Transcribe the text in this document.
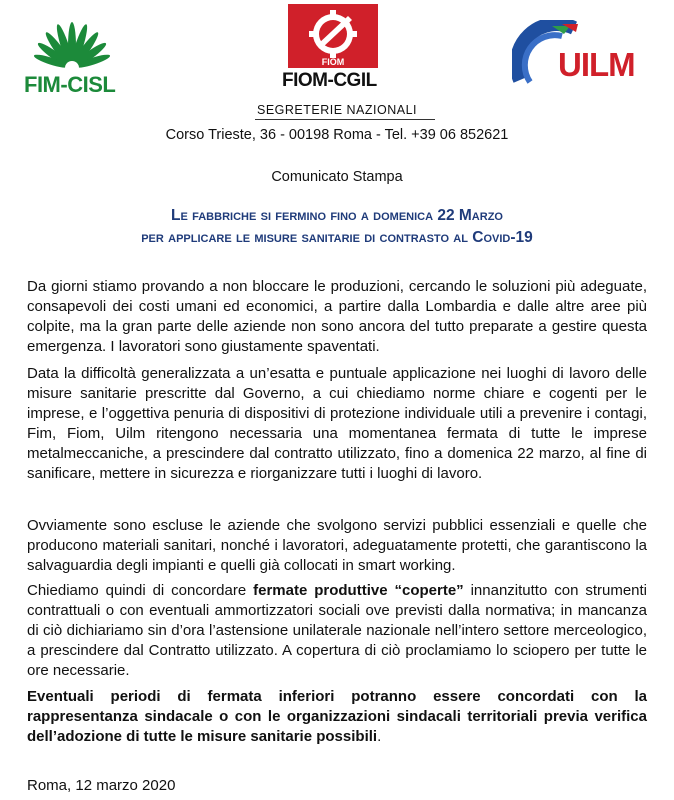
FIM-CISL
FIOM
FIOM-CGIL	UILM
SEGRETERIE NAZIONALI
Corso Trieste, 36 - 00198 Roma - Tel. +39 06 852621
Comunicato Stampa
Le fabbriche si fermino fino a domenica 22 Marzo
per applicare le misure sanitarie di contrasto al Covid-19

Da giorni stiamo provando a non bloccare le produzioni, cercando le soluzioni più adeguate, consapevoli dei costi umani ed economici, a partire dalla Lombardia e dalle altre aree più colpite, ma la gran parte delle aziende non sono ancora del tutto preparate a gestire questa emergenza. I lavoratori sono giustamente spaventati.

Data la difficoltà generalizzata a un’esatta e puntuale applicazione nei luoghi di lavoro delle misure sanitarie prescritte dal Governo, a cui chiediamo norme chiare e cogenti per le imprese, e l’oggettiva penuria di dispositivi di protezione individuale utili a prevenire i contagi, Fim, Fiom, Uilm ritengono necessaria una momentanea fermata di tutte le imprese metalmeccaniche, a prescindere dal contratto utilizzato, fino a domenica 22 marzo, al fine di sanificare, mettere in sicurezza e riorganizzare tutti i luoghi di lavoro.

Ovviamente sono escluse le aziende che svolgono servizi pubblici essenziali e quelle che producono materiali sanitari, nonché i lavoratori, adeguatamente protetti, che garantiscono la salvaguardia degli impianti e quelli già collocati in smart working.

Chiediamo quindi di concordare fermate produttive “coperte” innanzitutto con strumenti contrattuali o con eventuali ammortizzatori sociali ove previsti dalla normativa; in mancanza di ciò dichiariamo sin d’ora l’astensione unilaterale nazionale nell’intero settore merceologico, a prescindere dal Contratto utilizzato. A copertura di ciò proclamiamo lo sciopero per tutte le ore necessarie.

Eventuali periodi di fermata inferiori potranno essere concordati con la rappresentanza sindacale o con le organizzazioni sindacali territoriali previa verifica dell’adozione di tutte le misure sanitarie possibili.

Roma, 12 marzo 2020
